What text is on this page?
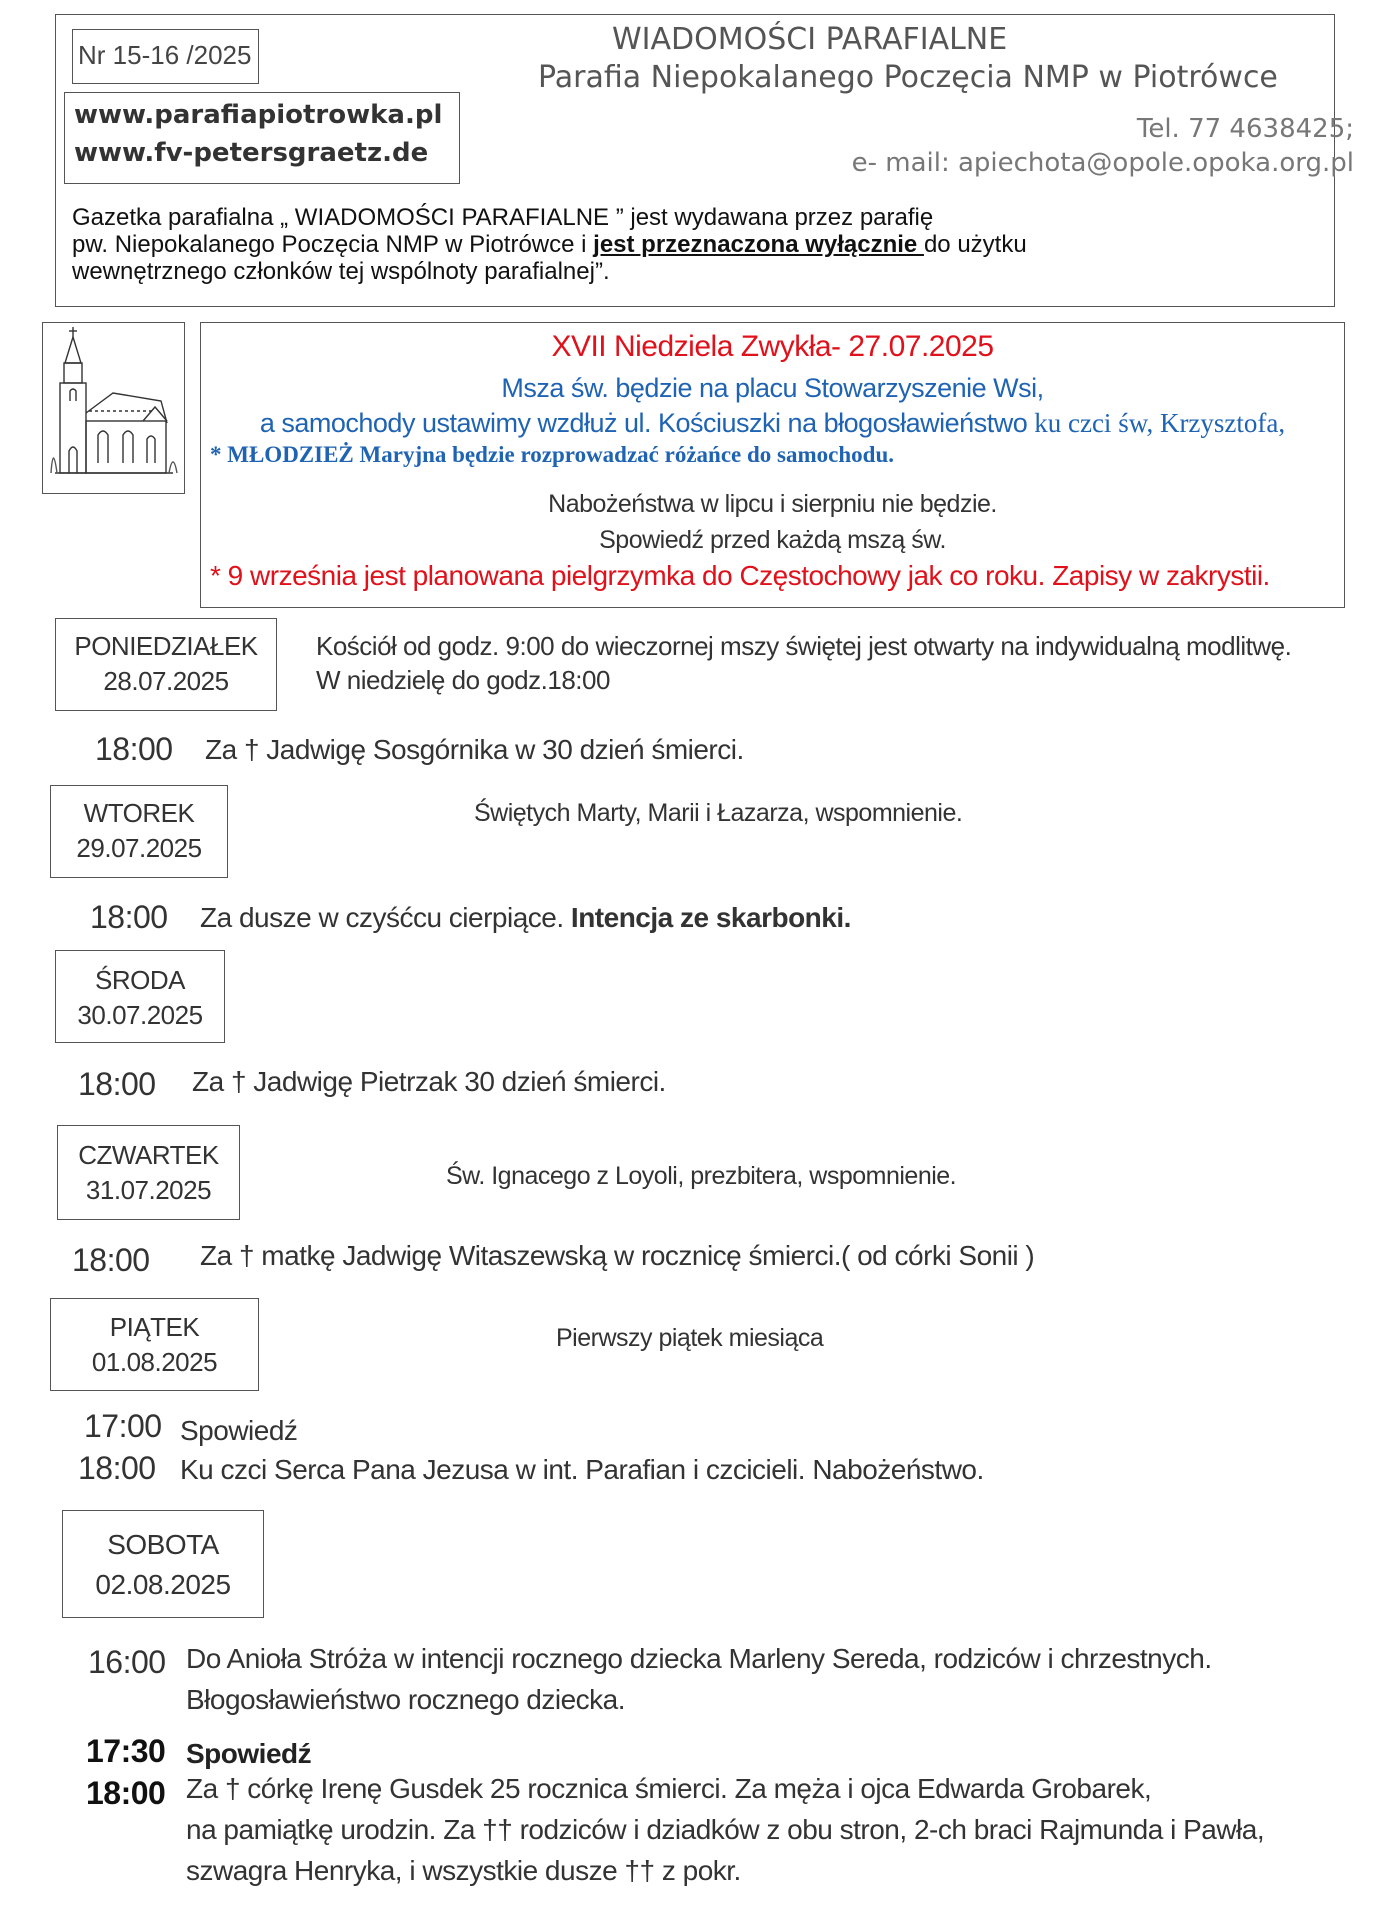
Nr 15-16 /2025
www.parafiapiotrowka.pl
www.fv-petersgraetz.de
WIADOMOŚCI PARAFIALNE
Parafia Niepokalanego Poczęcia NMP w Piotrówce
Tel. 77 4638425;
e- mail: apiechota@opole.opoka.org.pl
Gazetka parafialna „ WIADOMOŚCI PARAFIALNE ” jest wydawana przez parafię
pw. Niepokalanego Poczęcia NMP w Piotrówce i jest przeznaczona wyłącznie do użytku
wewnętrznego członków tej wspólnoty parafialnej”.
XVII Niedziela Zwykła- 27.07.2025
Msza św. będzie na placu Stowarzyszenie Wsi,
a samochody ustawimy wzdłuż ul. Kościuszki na błogosławieństwo ku czci św, Krzysztofa,
* MŁODZIEŻ Maryjna będzie rozprowadzać różańce do samochodu.
Nabożeństwa w lipcu i sierpniu nie będzie.
Spowiedź przed każdą mszą św.
* 9 września jest planowana pielgrzymka do Częstochowy jak co roku. Zapisy w zakrystii.
PONIEDZIAŁEK
28.07.2025
Kościół od godz. 9:00 do wieczornej mszy świętej jest otwarty na indywidualną modlitwę.
W niedzielę do godz.18:00
18:00 Za † Jadwigę Sosgórnika w 30 dzień śmierci.
WTOREK
29.07.2025
Świętych Marty, Marii i Łazarza, wspomnienie.
18:00 Za dusze w czyśćcu cierpiące. Intencja ze skarbonki.
ŚRODA
30.07.2025
18:00 Za † Jadwigę Pietrzak 30 dzień śmierci.
CZWARTEK
31.07.2025	Św. Ignacego z Loyoli, prezbitera, wspomnienie.
18:00 Za † matkę Jadwigę Witaszewską w rocznicę śmierci.( od córki Sonii )
PIĄTEK
01.08.2025
Pierwszy piątek miesiąca
17:00 Spowiedź
18:00 Ku czci Serca Pana Jezusa w int. Parafian i czcicieli. Nabożeństwo.
SOBOTA
02.08.2025
16:00 Do Anioła Stróża w intencji rocznego dziecka Marleny Sereda, rodziców i chrzestnych.
Błogosławieństwo rocznego dziecka.
17:30 Spowiedź
18:00 Za † córkę Irenę Gusdek 25 rocznica śmierci. Za męża i ojca Edwarda Grobarek,
na pamiątkę urodzin. Za †† rodziców i dziadków z obu stron, 2-ch braci Rajmunda i Pawła,
szwagra Henryka, i wszystkie dusze †† z pokr.
